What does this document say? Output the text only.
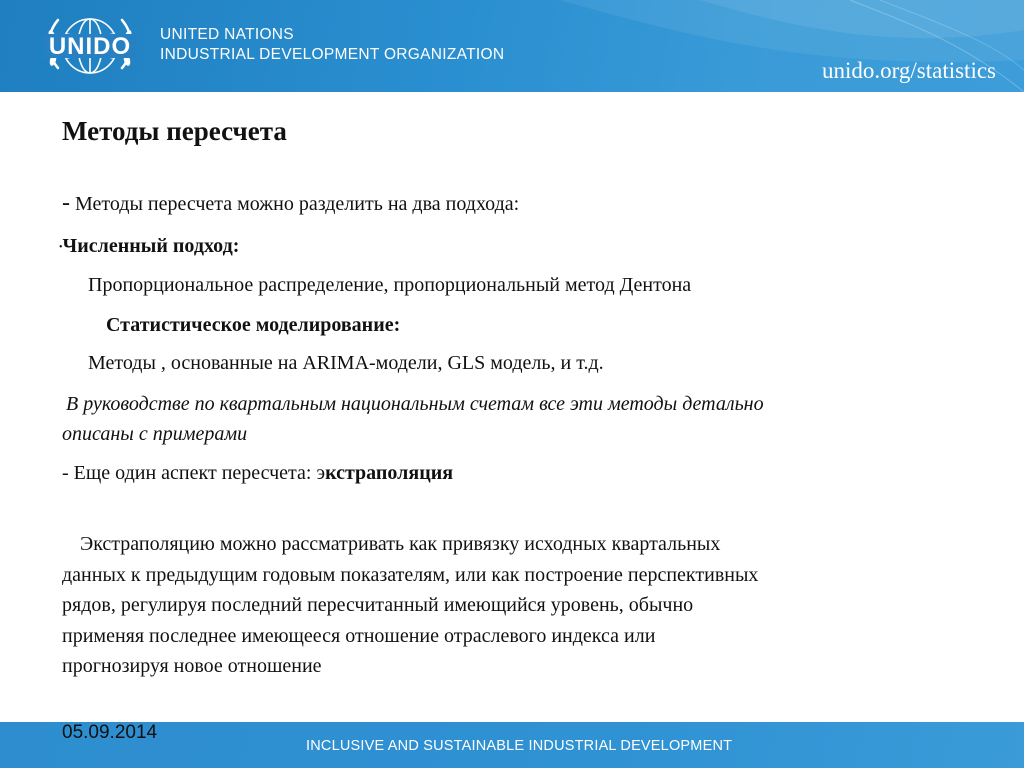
UNIDO UNITED NATIONS
INDUSTRIAL DEVELOPMENT ORGANIZATION
unido.org/statistics
Методы пересчета
- Методы пересчета можно разделить на два подхода:
•Численный подход:
Пропорциональное распределение, пропорциональный метод Дентона
Статистическое моделирование:
Методы , основанные на ARIMA-модели, GLS модель, и т.д.
В руководстве по квартальным национальным счетам все эти методы детально
описаны с примерами
- Еще один аспект пересчета: экстраполяция
Экстраполяцию можно рассматривать как привязку исходных квартальных
данных к предыдущим годовым показателям, или как построение перспективных
рядов, регулируя последний пересчитанный имеющийся уровень, обычно
применяя последнее имеющееся отношение отраслевого индекса или
прогнозируя новое отношение
INCLUSIVE AND SUSTAINABLE INDUSTRIAL DEVELOPMENT
05.09.2014
